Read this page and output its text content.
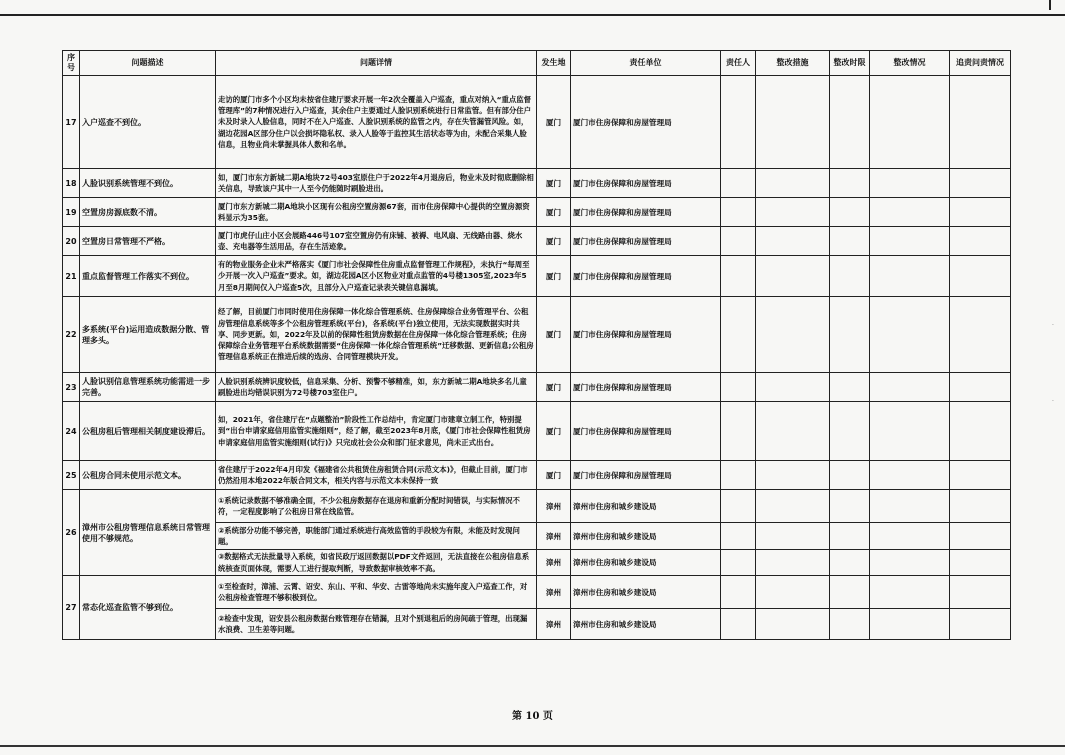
序号	问题描述	问题详情	发生地	责任单位	责任人	整改措施	整改时限	整改情况	追责问责情况
17	入户巡查不到位。	走访的厦门市多个小区均未按省住建厅要求开展一年2次全覆盖入户巡查，重点对纳入“重点监督管理库”的7种情况进行入户巡查，其余住户主要通过人脸识别系统进行日常监管。但有部分住户未及时录入人脸信息，同时不在入户巡查、人脸识别系统的监管之内，存在失管漏管风险。如，湖边花园A区部分住户以会损坏隐私权、录入人脸等于监控其生活状态等为由，未配合采集人脸信息，且物业尚未掌握具体人数和名单。	厦门	厦门市住房保障和房屋管理局					
18	人脸识别系统管理不到位。	如，厦门市东方新城二期A地块72号403室原住户于2022年4月退房后，物业未及时彻底删除相关信息，导致该户其中一人至今仍能随时刷脸进出。	厦门	厦门市住房保障和房屋管理局					
19	空置房房源底数不清。	厦门市东方新城二期A地块小区现有公租房空置房源67套，而市住房保障中心提供的空置房源资料显示为35套。	厦门	厦门市住房保障和房屋管理局					
20	空置房日常管理不严格。	厦门市虎仔山庄小区会展路446号107室空置房仍有床铺、被褥、电风扇、无线路由器、烧水壶、充电器等生活用品，存在生活迹象。	厦门	厦门市住房保障和房屋管理局					
21	重点监督管理工作落实不到位。	有的物业服务企业未严格落实《厦门市社会保障性住房重点监督管理工作规程》，未执行“每周至少开展一次入户巡查”要求。如，湖边花园A区小区物业对重点监管的4号楼1305室,2023年5月至8月期间仅入户巡查5次，且部分入户巡查记录表关键信息漏填。	厦门	厦门市住房保障和房屋管理局					
22	多系统(平台)运用造成数据分散、管理多头。	经了解，目前厦门市同时使用住房保障一体化综合管理系统、住房保障综合业务管理平台、公租房管理信息系统等多个公租房管理系统(平台)，各系统(平台)独立使用，无法实现数据实时共享、同步更新。如，2022年及以前的保障性租赁房数据在住房保障一体化综合管理系统；住房保障综合业务管理平台系统数据需要“住房保障一体化综合管理系统”迁移数据、更新信息;公租房管理信息系统正在推进后续的选房、合同管理模块开发。	厦门	厦门市住房保障和房屋管理局					
23	人脸识别信息管理系统功能需进一步完善。	人脸识别系统辨识度较低，信息采集、分析、预警不够精准，如，东方新城二期A地块多名儿童刷脸进出均错误识别为72号楼703室住户。	厦门	厦门市住房保障和房屋管理局					
24	公租房租后管理相关制度建设滞后。	如，2021年，省住建厅在“点题整治”阶段性工作总结中，肯定厦门市建章立制工作，特别提到“出台申请家庭信用监管实施细则”，经了解，截至2023年8月底，《厦门市社会保障性租赁房申请家庭信用监管实施细则(试行)》只完成社会公众和部门征求意见，尚未正式出台。	厦门	厦门市住房保障和房屋管理局					
25	公租房合同未使用示范文本。	省住建厅于2022年4月印发《福建省公共租赁住房租赁合同(示范文本)》，但截止目前，厦门市仍然沿用本地2022年版合同文本，相关内容与示范文本未保持一致	厦门	厦门市住房保障和房屋管理局					
26	漳州市公租房管理信息系统日常管理使用不够规范。	①系统记录数据不够准确全面，不少公租房数据存在退房和重新分配时间错误，与实际情况不符，一定程度影响了公租房日常在线监管。	漳州	漳州市住房和城乡建设局					
		②系统部分功能不够完善，职能部门通过系统进行高效监管的手段较为有限，未能及时发现问题。	漳州	漳州市住房和城乡建设局					
		③数据格式无法批量导入系统，如省民政厅返回数据以PDF文件返回，无法直接在公租房信息系统核查页面体现，需要人工进行提取判断，导致数据审核效率不高。	漳州	漳州市住房和城乡建设局					
27	常态化巡查监管不够到位。	①至检查时，漳浦、云霄、诏安、东山、平和、华安、古雷等地尚未实施年度入户巡查工作，对公租房检查管理不够积极到位。	漳州	漳州市住房和城乡建设局					
		②检查中发现，诏安县公租房数据台账管理存在错漏，且对个别退租后的房间疏于管理，出现漏水浪费、卫生差等问题。	漳州	漳州市住房和城乡建设局					
第 10 页
·
·
